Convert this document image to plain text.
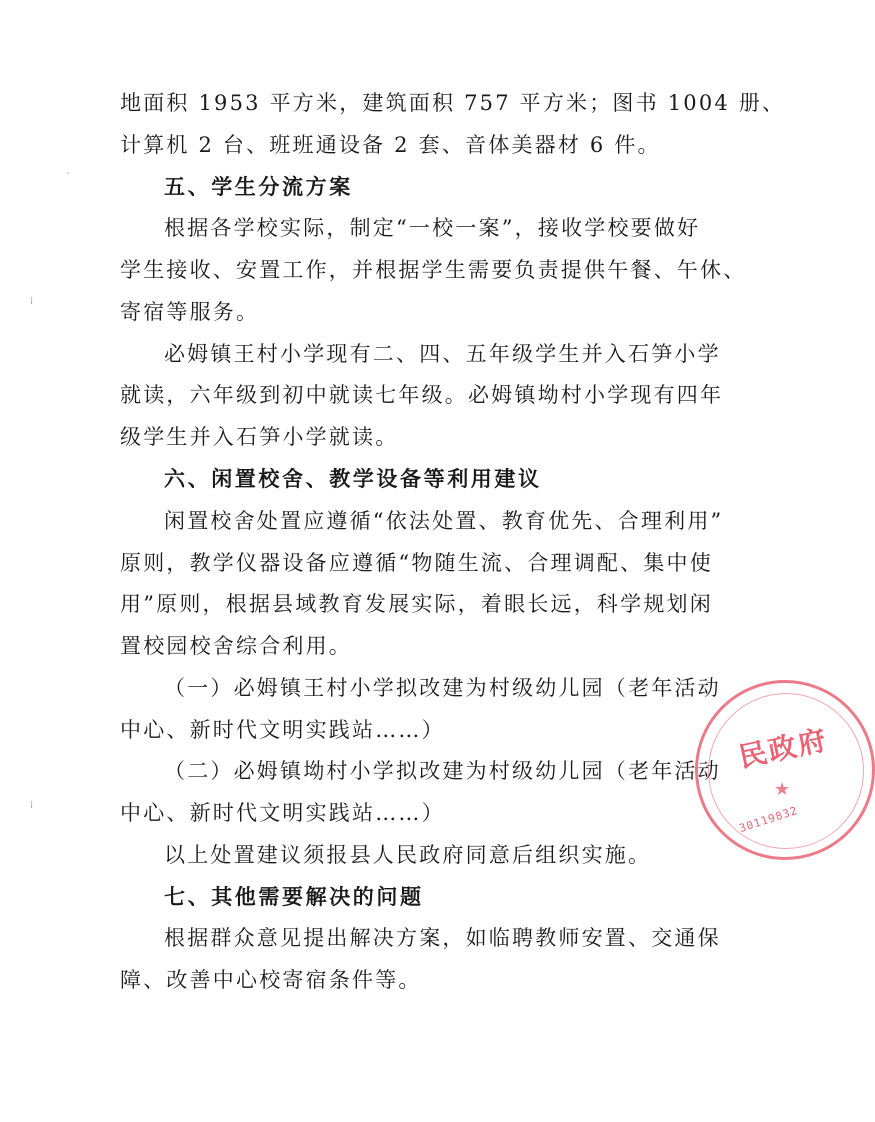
地面积 1953 平方米，建筑面积 757 平方米；图书 1004 册、
计算机 2 台、班班通设备 2 套、音体美器材 6 件。
五、学生分流方案
根据各学校实际，制定“一校一案”，接收学校要做好
学生接收、安置工作，并根据学生需要负责提供午餐、午休、
寄宿等服务。
必姆镇王村小学现有二、四、五年级学生并入石笋小学
就读，六年级到初中就读七年级。必姆镇坳村小学现有四年
级学生并入石笋小学就读。
六、闲置校舍、教学设备等利用建议
闲置校舍处置应遵循“依法处置、教育优先、合理利用”
原则，教学仪器设备应遵循“物随生流、合理调配、集中使
用”原则，根据县域教育发展实际，着眼长远，科学规划闲
置校园校舍综合利用。
（一）必姆镇王村小学拟改建为村级幼儿园（老年活动
中心、新时代文明实践站……）
（二）必姆镇坳村小学拟改建为村级幼儿园（老年活动
中心、新时代文明实践站……）
以上处置建议须报县人民政府同意后组织实施。
七、其他需要解决的问题
根据群众意见提出解决方案，如临聘教师安置、交通保
障、改善中心校寄宿条件等。
ˋ
⁞
⁞
民政府
★
30119832
